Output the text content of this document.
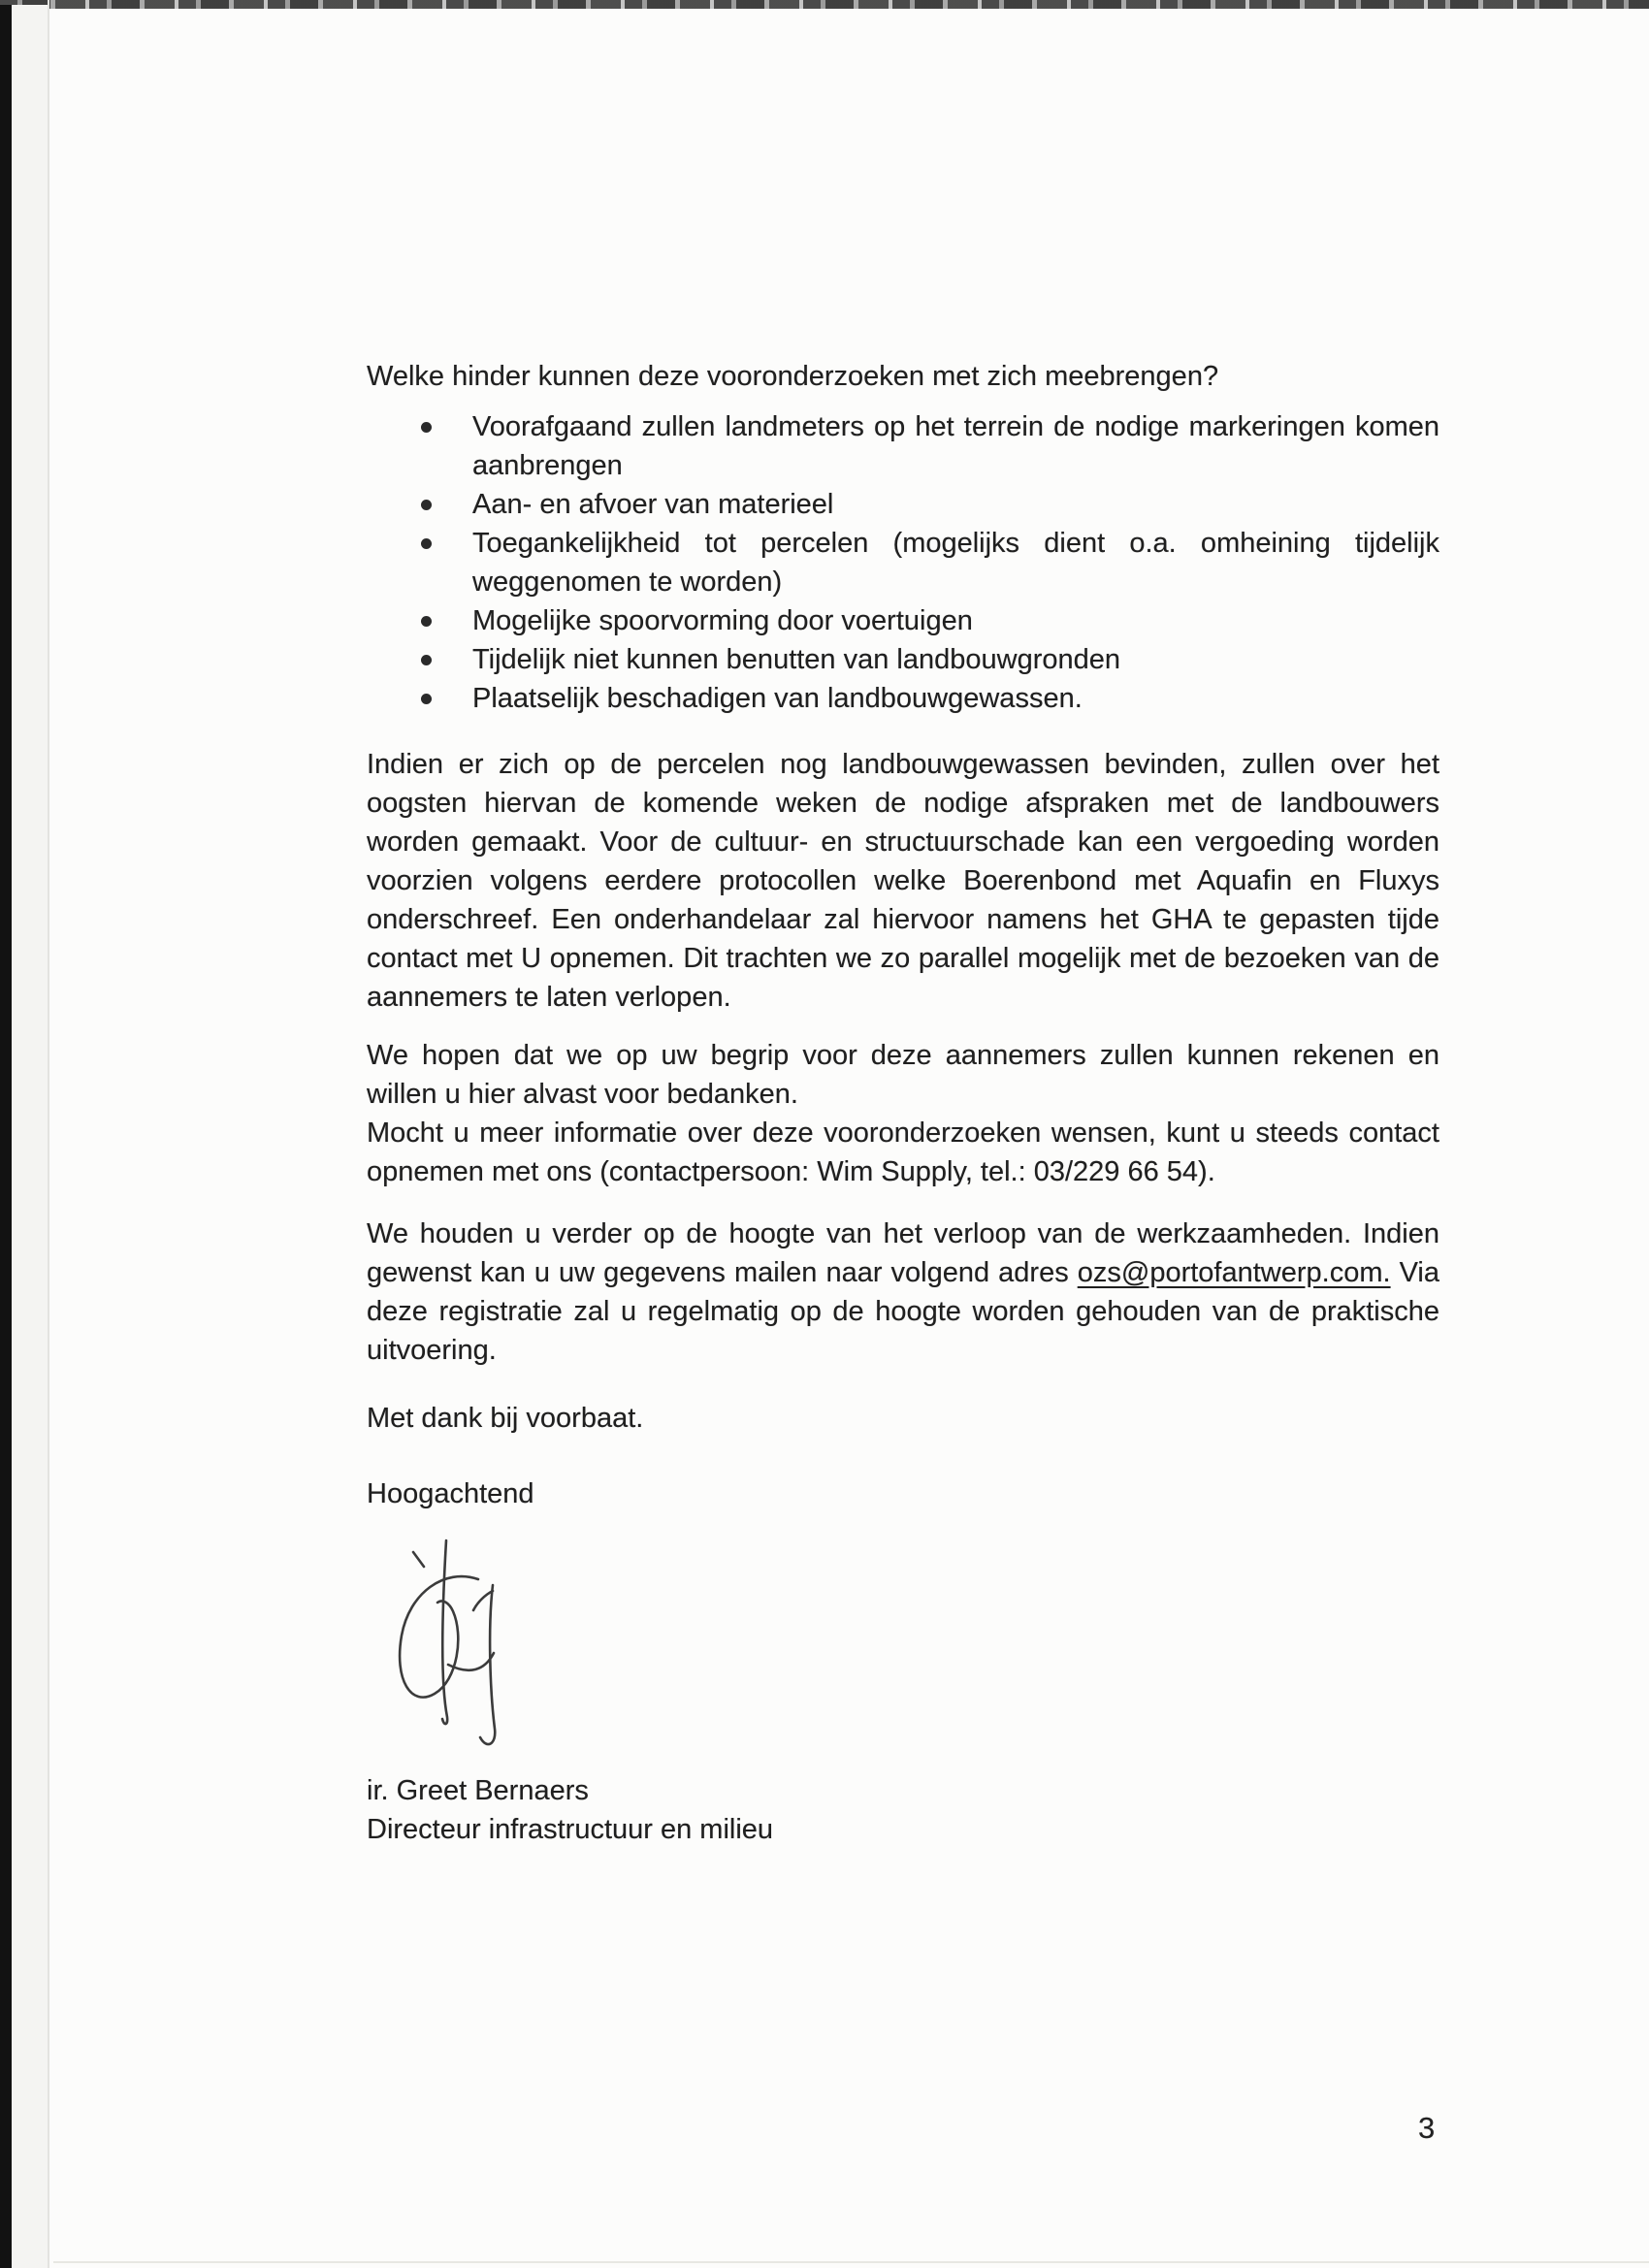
Welke hinder kunnen deze vooronderzoeken met zich meebrengen?
Voorafgaand zullen landmeters op het terrein de nodige markeringen komen aanbrengen
Aan- en afvoer van materieel
Toegankelijkheid tot percelen (mogelijks dient o.a. omheining tijdelijk weggenomen te worden)
Mogelijke spoorvorming door voertuigen
Tijdelijk niet kunnen benutten van landbouwgronden
Plaatselijk beschadigen van landbouwgewassen.
Indien er zich op de percelen nog landbouwgewassen bevinden, zullen over het oogsten hiervan de komende weken de nodige afspraken met de landbouwers worden gemaakt. Voor de cultuur- en structuurschade kan een vergoeding worden voorzien volgens eerdere protocollen welke Boerenbond met Aquafin en Fluxys onderschreef. Een onderhandelaar zal hiervoor namens het GHA te gepasten tijde contact met U opnemen. Dit trachten we zo parallel mogelijk met de bezoeken van de aannemers te laten verlopen.
We hopen dat we op uw begrip voor deze aannemers zullen kunnen rekenen en willen u hier alvast voor bedanken.
Mocht u meer informatie over deze vooronderzoeken wensen, kunt u steeds contact opnemen met ons (contactpersoon: Wim Supply, tel.: 03/229 66 54).
We houden u verder op de hoogte van het verloop van de werkzaamheden. Indien gewenst kan u uw gegevens mailen naar volgend adres ozs@portofantwerp.com. Via deze registratie zal u regelmatig op de hoogte worden gehouden van de praktische uitvoering.
Met dank bij voorbaat.
Hoogachtend
ir. Greet Bernaers
Directeur infrastructuur en milieu
3
